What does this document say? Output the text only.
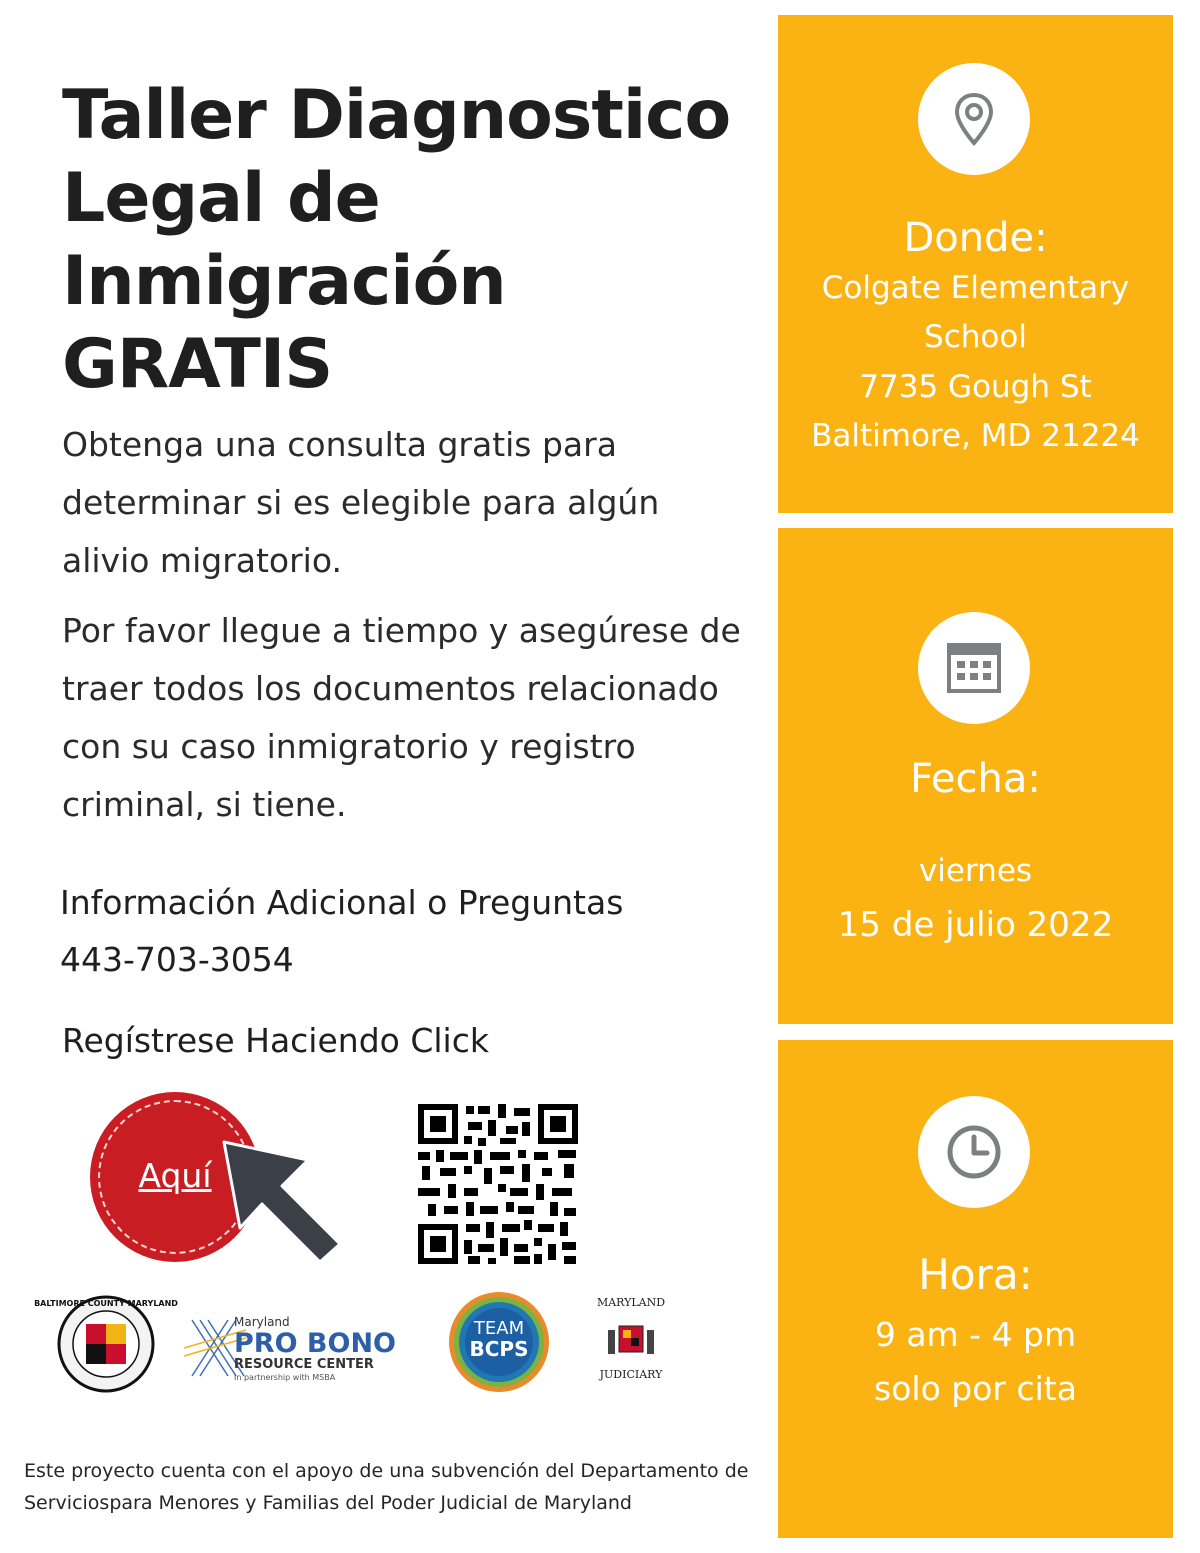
Taller Diagnostico
Legal de
Inmigración
GRATIS
Obtenga una consulta gratis para determinar si es elegible para algún alivio migratorio.
Por favor llegue a tiempo y asegúrese de traer todos los documentos relacionado con su caso inmigratorio y registro criminal, si tiene.
Información Adicional o Preguntas
443-703-3054
Regístrese Haciendo Click
Aquí
BALTIMORE COUNTY MARYLAND
Maryland
PRO BONO
RESOURCE CENTER
In partnership with MSBA
TEAM
BCPS
MARYLAND
JUDICIARY
Este proyecto cuenta con el apoyo de una subvención del Departamento de Serviciospara Menores y Familias del Poder Judicial de Maryland
Donde:
Colgate Elementary
School
7735 Gough St
Baltimore, MD 21224
Fecha:
viernes
15 de julio 2022
Hora:
9 am - 4 pm
solo por cita
